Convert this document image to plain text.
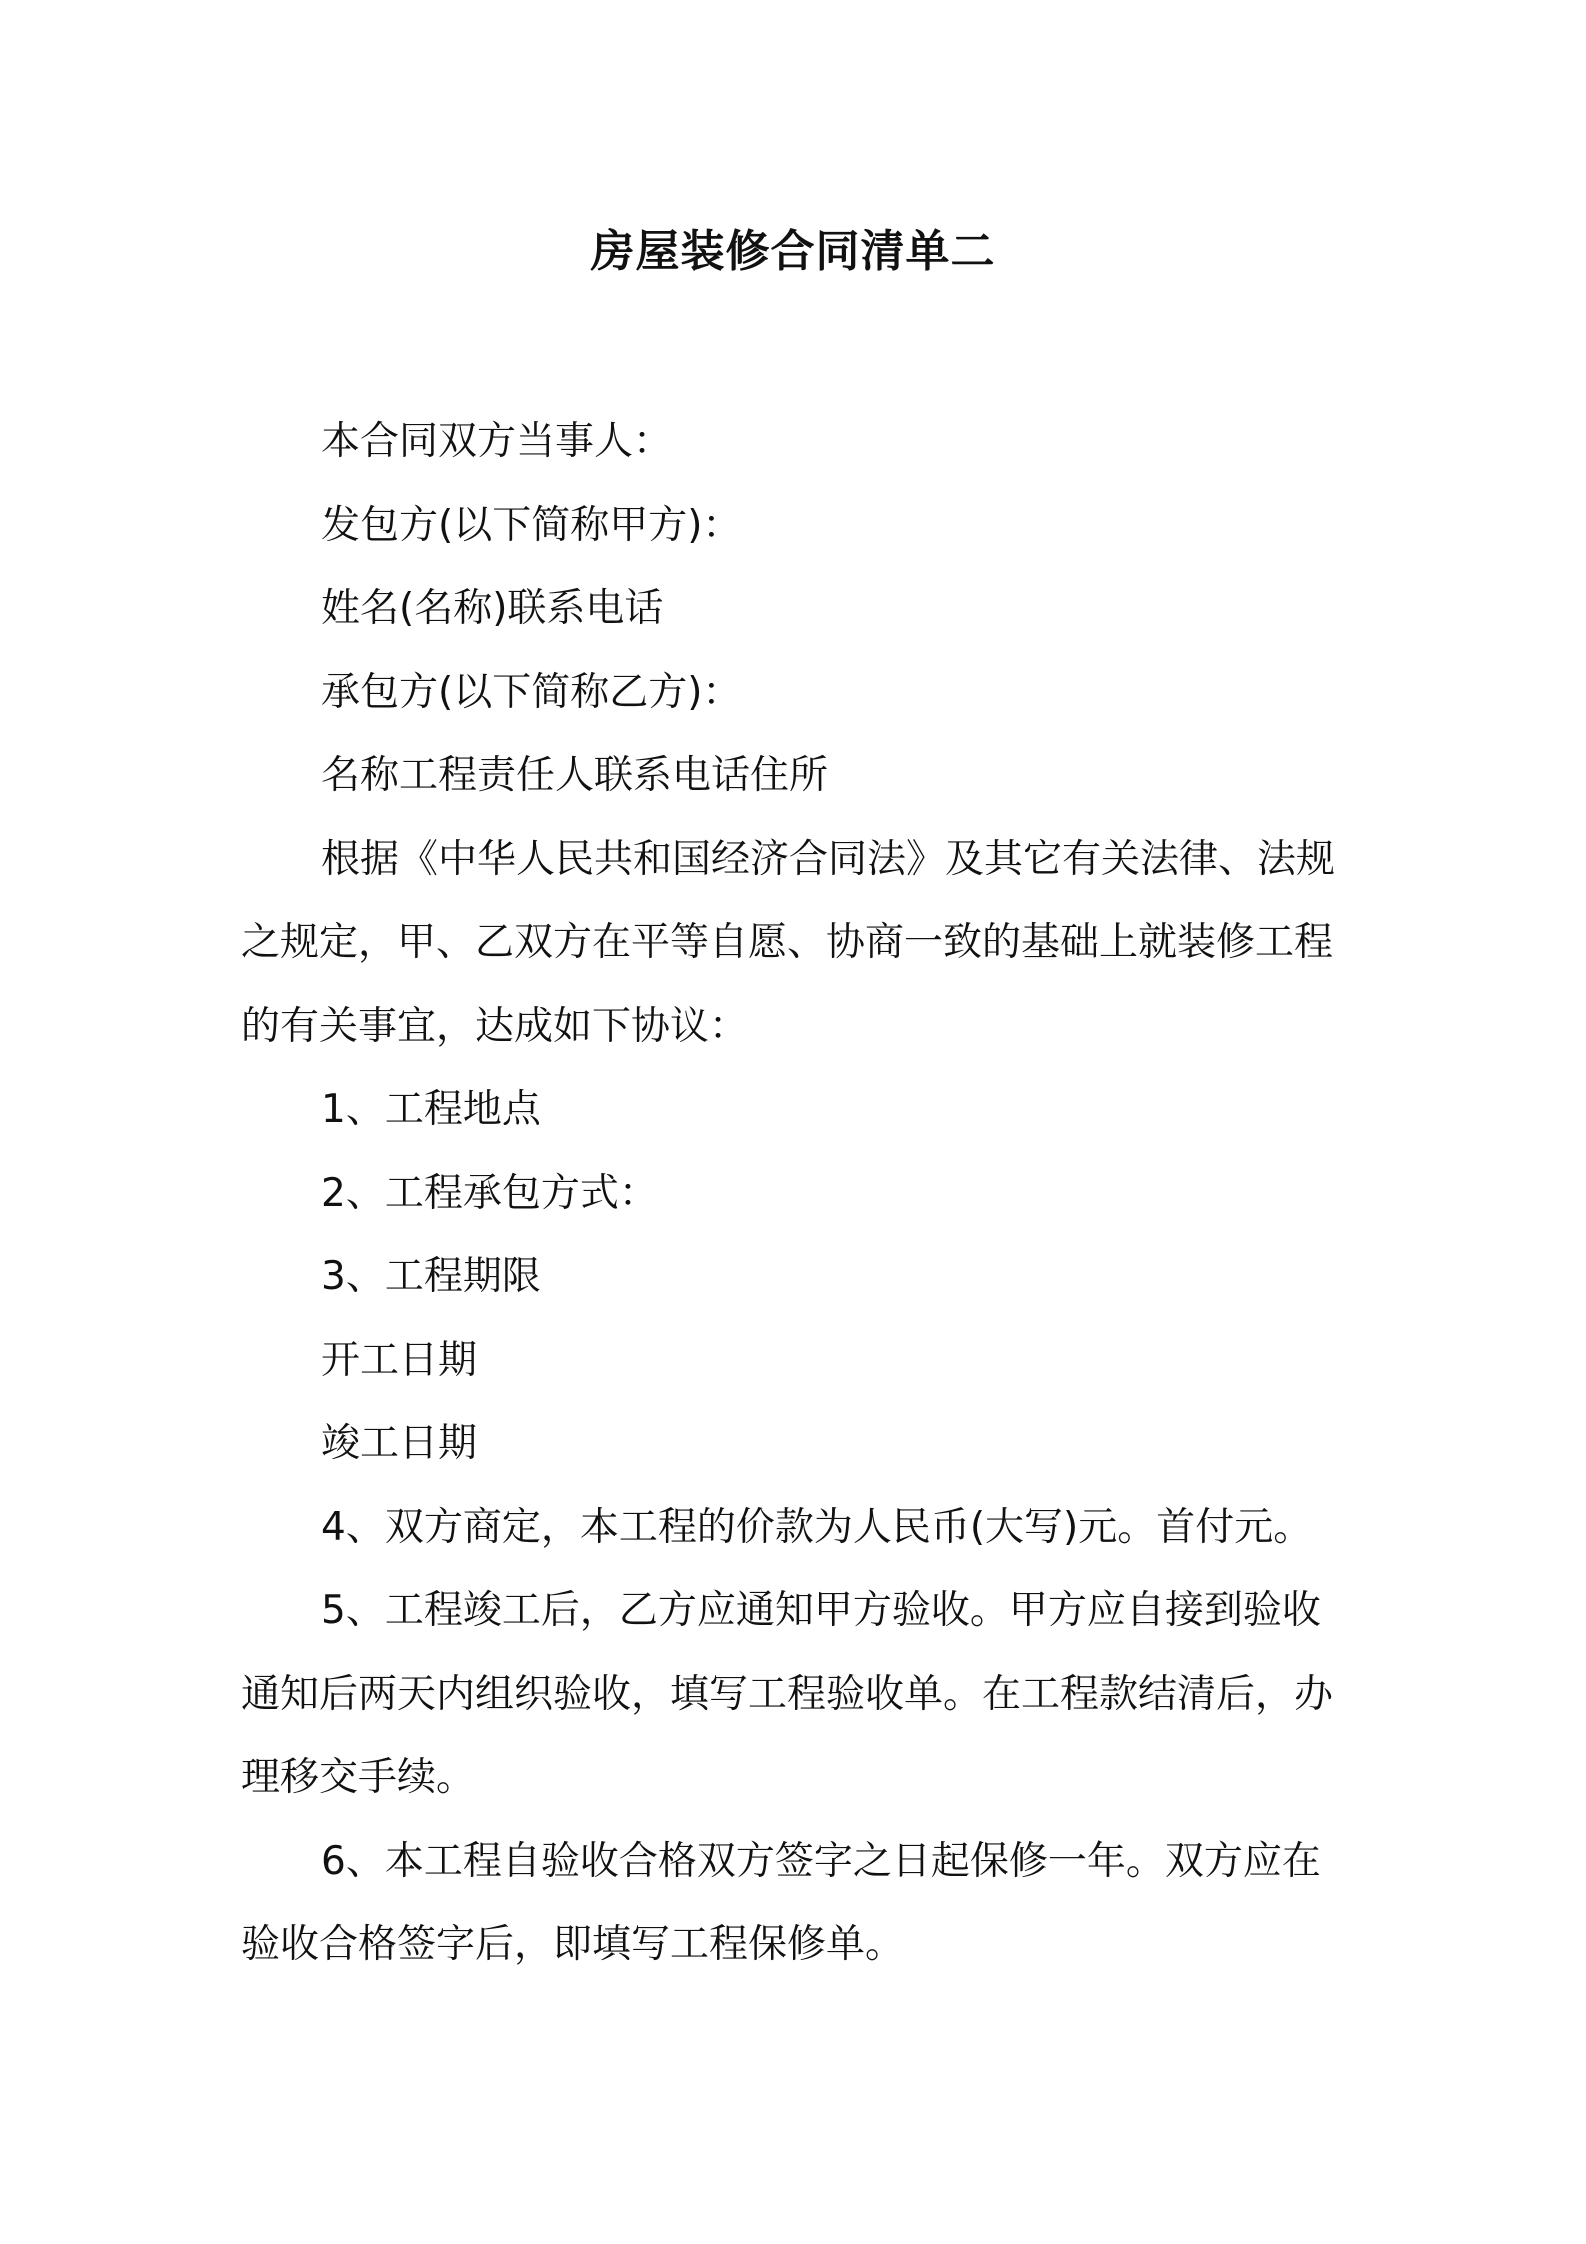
房屋装修合同清单二

本合同双方当事人：

发包方(以下简称甲方)：

姓名(名称)联系电话

承包方(以下简称乙方)：

名称工程责任人联系电话住所

根据《中华人民共和国经济合同法》及其它有关法律、法规之规定，甲、乙双方在平等自愿、协商一致的基础上就装修工程的有关事宜，达成如下协议：

1、工程地点

2、工程承包方式：

3、工程期限

开工日期

竣工日期

4、双方商定，本工程的价款为人民币(大写)元。首付元。

5、工程竣工后，乙方应通知甲方验收。甲方应自接到验收通知后两天内组织验收，填写工程验收单。在工程款结清后，办理移交手续。

6、本工程自验收合格双方签字之日起保修一年。双方应在验收合格签字后，即填写工程保修单。
